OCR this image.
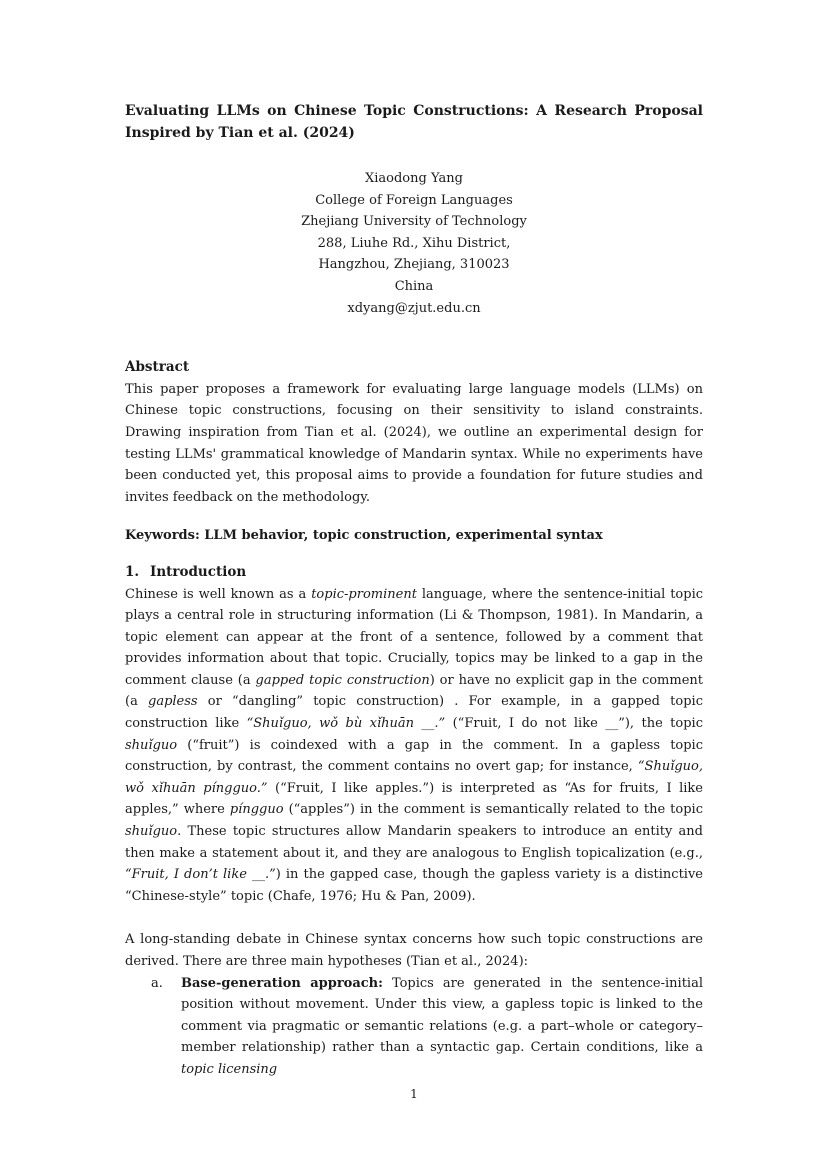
Evaluating LLMs on Chinese Topic Constructions: A Research Proposal Inspired by Tian et al. (2024)

Xiaodong Yang
College of Foreign Languages
Zhejiang University of Technology
288, Liuhe Rd., Xihu District,
Hangzhou, Zhejiang, 310023
China
xdyang@zjut.edu.cn

Abstract

This paper proposes a framework for evaluating large language models (LLMs) on Chinese topic constructions, focusing on their sensitivity to island constraints. Drawing inspiration from Tian et al. (2024), we outline an experimental design for testing LLMs' grammatical knowledge of Mandarin syntax. While no experiments have been conducted yet, this proposal aims to provide a foundation for future studies and invites feedback on the methodology.

Keywords: LLM behavior, topic construction, experimental syntax

1. Introduction

Chinese is well known as a topic-prominent language, where the sentence-initial topic plays a central role in structuring information (Li & Thompson, 1981). In Mandarin, a topic element can appear at the front of a sentence, followed by a comment that provides information about that topic. Crucially, topics may be linked to a gap in the comment clause (a gapped topic construction) or have no explicit gap in the comment (a gapless or “dangling” topic construction) . For example, in a gapped topic construction like “Shuǐguo, wǒ bù xǐhuān __.” (“Fruit, I do not like __”), the topic shuǐguo (“fruit”) is coindexed with a gap in the comment. In a gapless topic construction, by contrast, the comment contains no overt gap; for instance, “Shuǐguo, wǒ xǐhuān píngguo.” (“Fruit, I like apples.”) is interpreted as “As for fruits, I like apples,” where píngguo (“apples”) in the comment is semantically related to the topic shuǐguo. These topic structures allow Mandarin speakers to introduce an entity and then make a statement about it, and they are analogous to English topicalization (e.g., “Fruit, I don’t like __.”) in the gapped case, though the gapless variety is a distinctive “Chinese-style” topic (Chafe, 1976; Hu & Pan, 2009).

A long-standing debate in Chinese syntax concerns how such topic constructions are derived. There are three main hypotheses (Tian et al., 2024):

a.	Base-generation approach: Topics are generated in the sentence-initial position without movement. Under this view, a gapless topic is linked to the comment via pragmatic or semantic relations (e.g. a part–whole or category–member relationship) rather than a syntactic gap. Certain conditions, like a topic licensing
1
